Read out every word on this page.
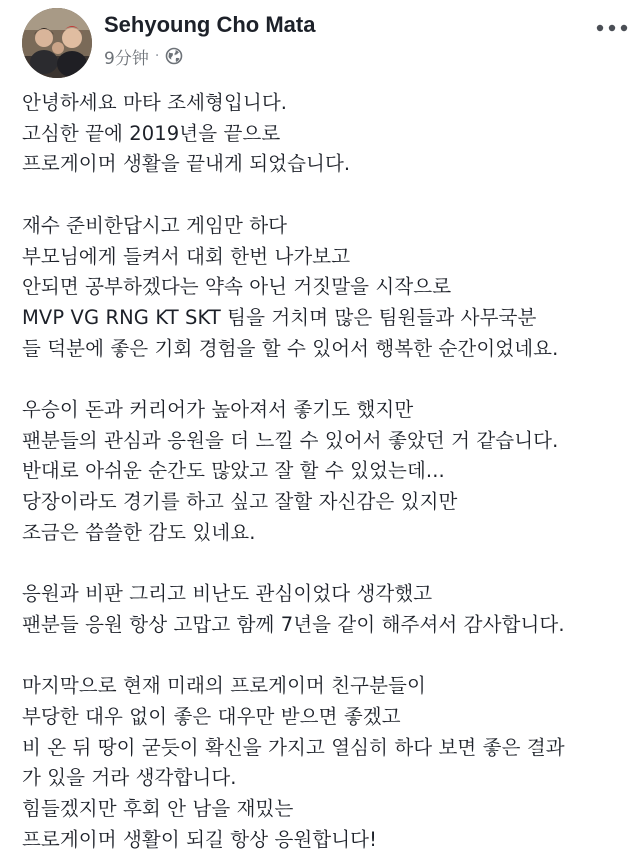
Sehyoung Cho Mata
9分钟 ·

안녕하세요 마타 조세형입니다.
고심한 끝에 2019년을 끝으로
프로게이머 생활을 끝내게 되었습니다.

재수 준비한답시고 게임만 하다
부모님에게 들켜서 대회 한번 나가보고
안되면 공부하겠다는 약속 아닌 거짓말을 시작으로
MVP VG RNG KT SKT 팀을 거치며 많은 팀원들과 사무국분
들 덕분에 좋은 기회 경험을 할 수 있어서 행복한 순간이었네요.

우승이 돈과 커리어가 높아져서 좋기도 했지만
팬분들의 관심과 응원을 더 느낄 수 있어서 좋았던 거 같습니다.
반대로 아쉬운 순간도 많았고 잘 할 수 있었는데...
당장이라도 경기를 하고 싶고 잘할 자신감은 있지만
조금은 씁쓸한 감도 있네요.

응원과 비판 그리고 비난도 관심이었다 생각했고
팬분들 응원 항상 고맙고 함께 7년을 같이 해주셔서 감사합니다.

마지막으로 현재 미래의 프로게이머 친구분들이
부당한 대우 없이 좋은 대우만 받으면 좋겠고
비 온 뒤 땅이 굳듯이 확신을 가지고 열심히 하다 보면 좋은 결과
가 있을 거라 생각합니다.
힘들겠지만 후회 안 남을 재밌는
프로게이머 생활이 되길 항상 응원합니다!
